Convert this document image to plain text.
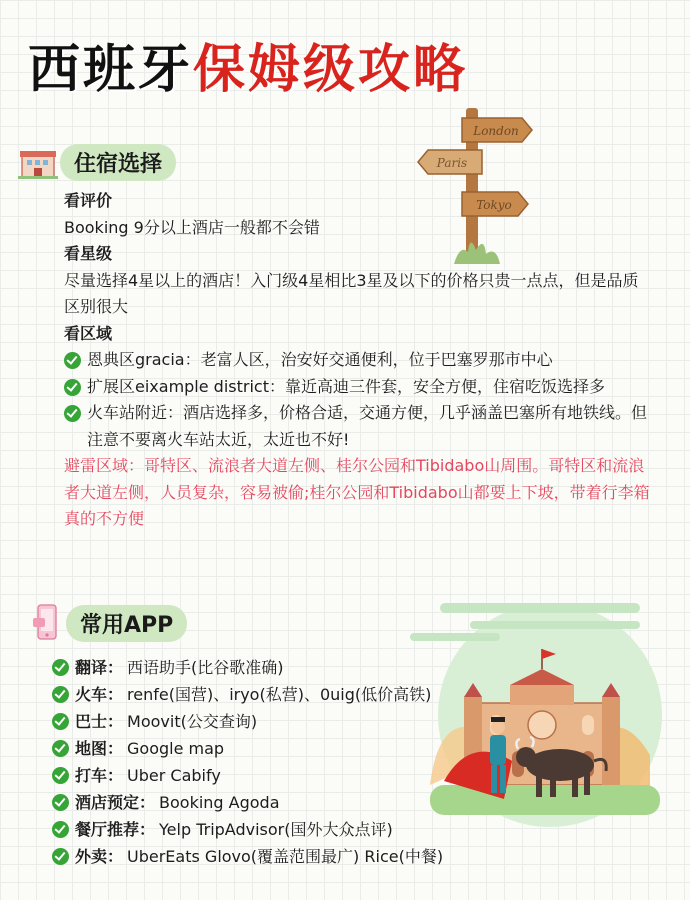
西班牙保姆级攻略
London
Paris
Tokyo
住宿选择
看评价
Booking 9分以上酒店一般都不会错
看星级
尽量选择4星以上的酒店！入门级4星相比3星及以下的价格只贵一点点，但是品质区别很大
看区域
恩典区gracia：老富人区，治安好交通便利，位于巴塞罗那市中心
扩展区eixample district：靠近高迪三件套，安全方便，住宿吃饭选择多
火车站附近：酒店选择多，价格合适，交通方便，几乎涵盖巴塞所有地铁线。但注意不要离火车站太近，太近也不好!
避雷区域：哥特区、流浪者大道左侧、桂尔公园和Tibidabo山周围。哥特区和流浪者大道左侧，人员复杂，容易被偷;桂尔公园和Tibidabo山都要上下坡，带着行李箱真的不方便
常用APP
翻译： 西语助手(比谷歌准确)
火车： renfe(国营)、iryo(私营)、0uig(低价高铁)
巴士： Moovit(公交查询)
地图： Google map
打车： Uber Cabify
酒店预定： Booking Agoda
餐厅推荐： Yelp TripAdvisor(国外大众点评)
外卖： UberEats Glovo(覆盖范围最广) Rice(中餐)
